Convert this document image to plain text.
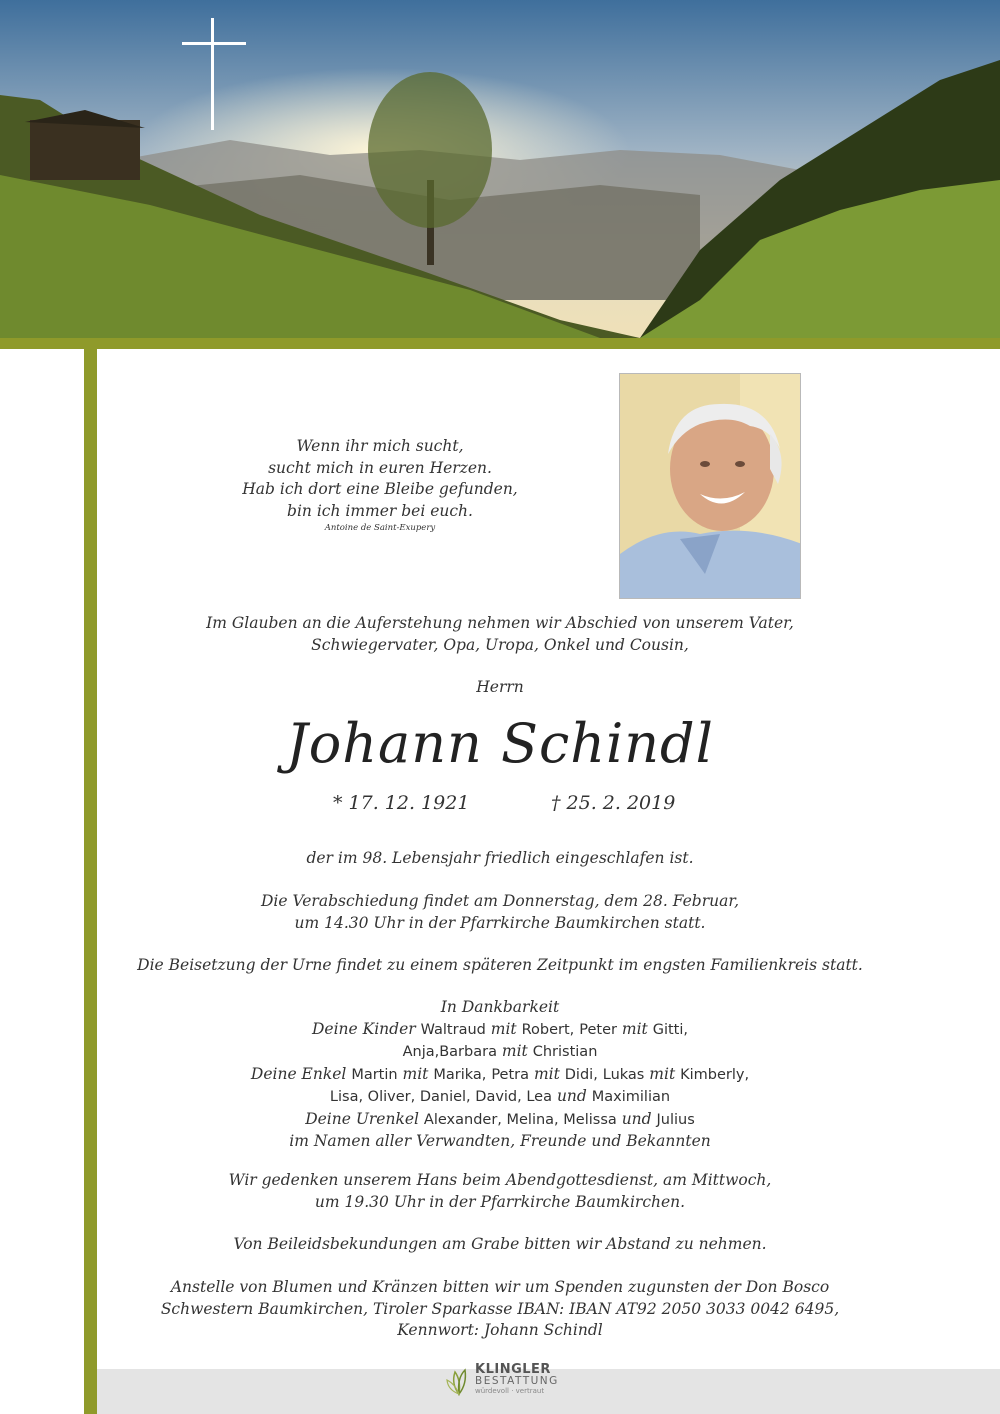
Wenn ihr mich sucht,
sucht mich in euren Herzen.
Hab ich dort eine Bleibe gefunden,
bin ich immer bei euch.
Antoine de Saint-Exupery
Im Glauben an die Auferstehung nehmen wir Abschied von unserem Vater,
Schwiegervater, Opa, Uropa, Onkel und Cousin,
Herrn
Johann Schindl
* 17. 12. 1921	† 25. 2. 2019
der im 98. Lebensjahr friedlich eingeschlafen ist.
Die Verabschiedung findet am Donnerstag, dem 28. Februar,
um 14.30 Uhr in der Pfarrkirche Baumkirchen statt.
Die Beisetzung der Urne findet zu einem späteren Zeitpunkt im engsten Familienkreis statt.
In Dankbarkeit
Deine Kinder Waltraud mit Robert, Peter mit Gitti,
Anja,Barbara mit Christian
Deine Enkel Martin mit Marika, Petra mit Didi, Lukas mit Kimberly,
Lisa, Oliver, Daniel, David, Lea und Maximilian
Deine Urenkel Alexander, Melina, Melissa und Julius
im Namen aller Verwandten, Freunde und Bekannten
Wir gedenken unserem Hans beim Abendgottesdienst, am Mittwoch,
um 19.30 Uhr in der Pfarrkirche Baumkirchen.
Von Beileidsbekundungen am Grabe bitten wir Abstand zu nehmen.
Anstelle von Blumen und Kränzen bitten wir um Spenden zugunsten der Don Bosco
Schwestern Baumkirchen, Tiroler Sparkasse IBAN: IBAN AT92 2050 3033 0042 6495,
Kennwort: Johann Schindl
KLINGLER
BESTATTUNG
würdevoll · vertraut
